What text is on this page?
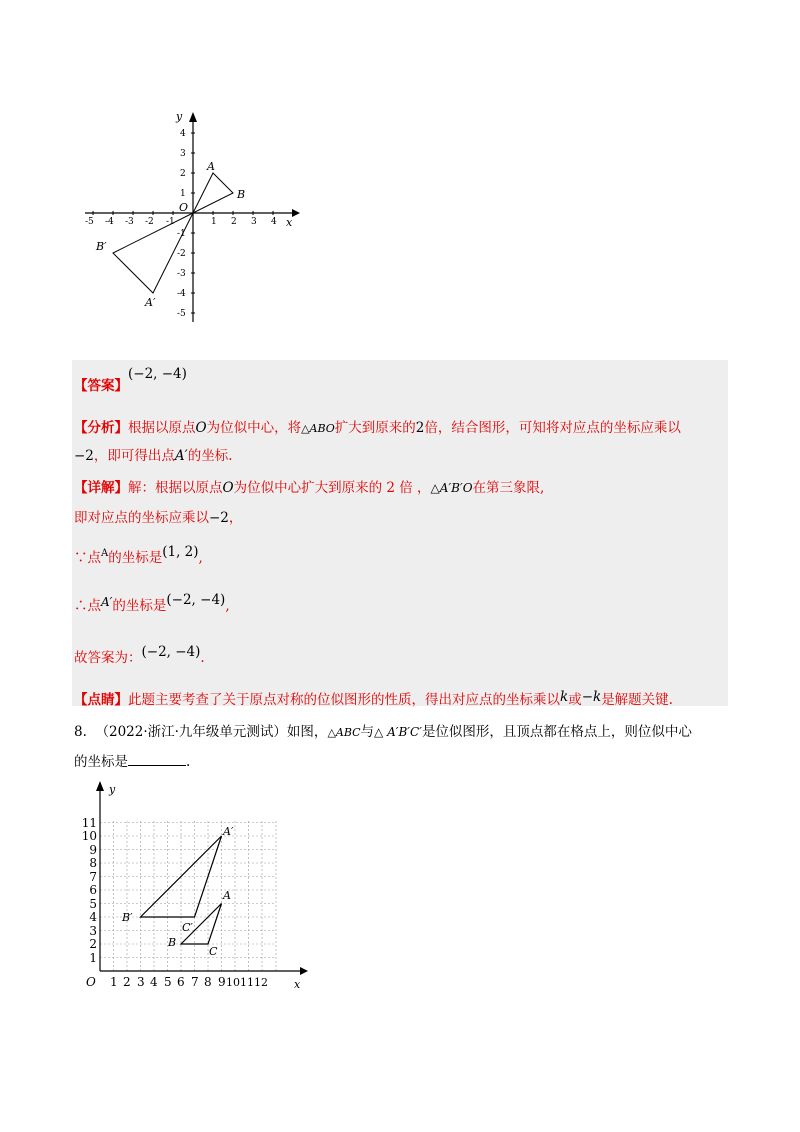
x
y
O
-5 -4 -3 -2 -1	1 2 3 4
4
3
2
1
-1
-2
-3
-4
-5
A
B
A′
B′
【答案】(−2, −4)
【分析】根据以原点O为位似中心，将△ABO扩大到原来的2倍，结合图形，可知将对应点的坐标应乘以
−2，即可得出点A′的坐标.
【详解】解：根据以原点O为位似中心扩大到原来的 2 倍 ，△A′B′O在第三象限,
即对应点的坐标应乘以−2，
∵点$^A$的坐标是(1, 2),
∴点A′的坐标是(−2, −4),
故答案为：(−2, −4).
【点睛】此题主要考查了关于原点对称的位似图形的性质，得出对应点的坐标乘以k或−k是解题关键.
8. （2022·浙江·九年级单元测试）如图，△ABC与△ A′B′C′是位似图形，且顶点都在格点上，则位似中心
的坐标是	.
x
y
O 1 2 3 4 5 6 7 8 9 10 11 12
1
2
3
4
5
6
7
8
9
10
11
A
B
C
A′
B′
C′
